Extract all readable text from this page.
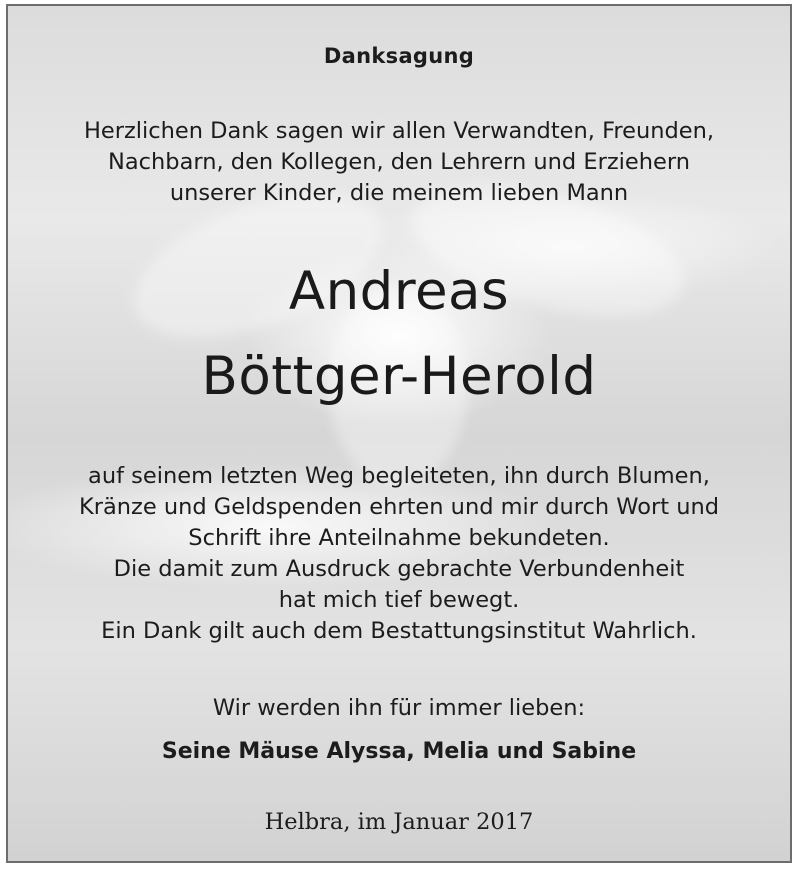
Danksagung
Herzlichen Dank sagen wir allen Verwandten, Freunden,
Nachbarn, den Kollegen, den Lehrern und Erziehern
unserer Kinder, die meinem lieben Mann
Andreas
Böttger-Herold
auf seinem letzten Weg begleiteten, ihn durch Blumen,
Kränze und Geldspenden ehrten und mir durch Wort und
Schrift ihre Anteilnahme bekundeten.
Die damit zum Ausdruck gebrachte Verbundenheit
hat mich tief bewegt.
Ein Dank gilt auch dem Bestattungsinstitut Wahrlich.
Wir werden ihn für immer lieben:
Seine Mäuse Alyssa, Melia und Sabine
Helbra, im Januar 2017
